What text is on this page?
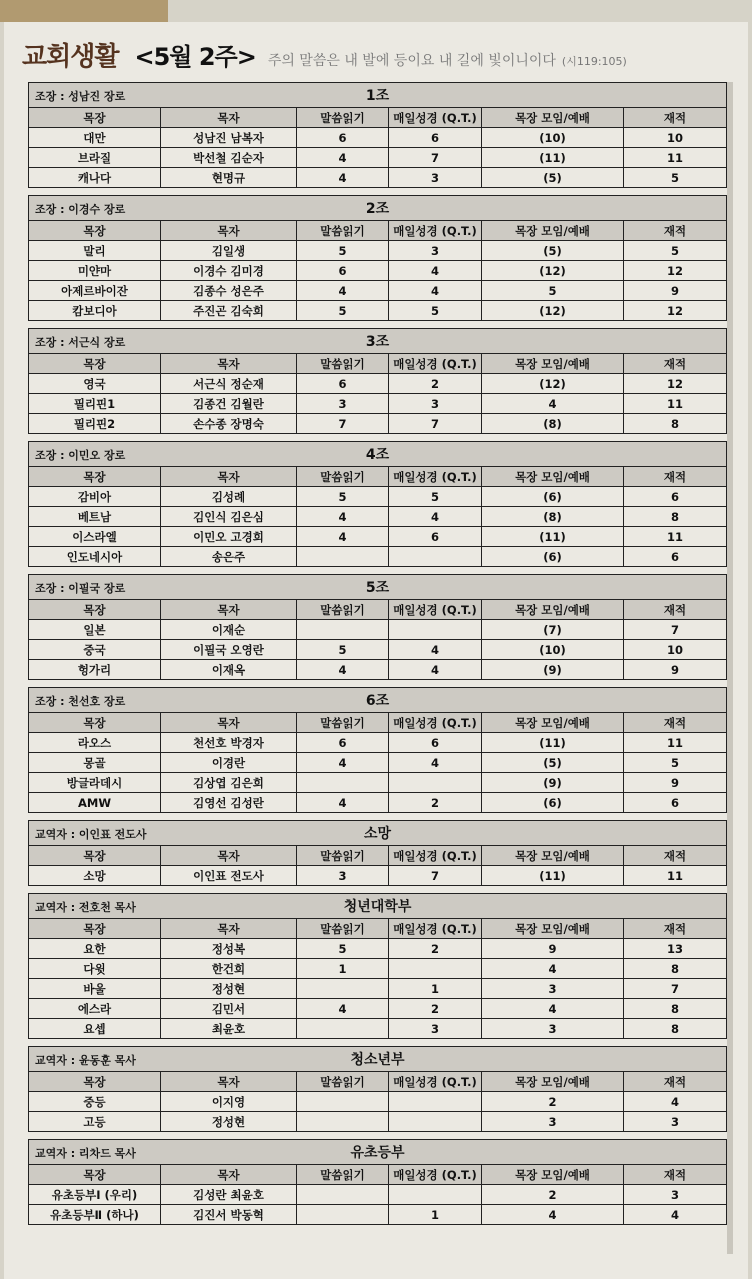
교회생활 <5월 2주> 주의 말씀은 내 발에 등이요 내 길에 빛이니이다 (시119:105)
조장 : 성남진 장로 1조					

목장	목자	말씀읽기	매일성경 (Q.T.)	목장 모임/예배	재적
대만	성남진 남복자	6	6	(10)	10
브라질	박선철 김순자	4	7	(11)	11
캐나다	현명규	4	3	(5)	5
조장 : 이경수 장로 2조					

목장	목자	말씀읽기	매일성경 (Q.T.)	목장 모임/예배	재적
말리	김일생	5	3	(5)	5
미얀마	이경수 김미경	6	4	(12)	12
아제르바이잔	김종수 성은주	4	4	5	9
캄보디아	주진곤 김숙희	5	5	(12)	12
조장 : 서근식 장로 3조					

목장	목자	말씀읽기	매일성경 (Q.T.)	목장 모임/예배	재적
영국	서근식 정순재	6	2	(12)	12
필리핀1	김종건 김월란	3	3	4	11
필리핀2	손수종 장명숙	7	7	(8)	8
조장 : 이민오 장로 4조					

목장	목자	말씀읽기	매일성경 (Q.T.)	목장 모임/예배	재적
감비아	김성례	5	5	(6)	6
베트남	김인식 김은심	4	4	(8)	8
이스라엘	이민오 고경희	4	6	(11)	11
인도네시아	송은주			(6)	6
조장 : 이필국 장로 5조					

목장	목자	말씀읽기	매일성경 (Q.T.)	목장 모임/예배	재적
일본	이재순			(7)	7
중국	이필국 오영란	5	4	(10)	10
헝가리	이재옥	4	4	(9)	9
조장 : 천선호 장로 6조					

목장	목자	말씀읽기	매일성경 (Q.T.)	목장 모임/예배	재적
라오스	천선호 박경자	6	6	(11)	11
몽골	이경란	4	4	(5)	5
방글라데시	김상엽 김은희			(9)	9
AMW	김영선 김성란	4	2	(6)	6
교역자 : 이인표 전도사 소망					

목장	목자	말씀읽기	매일성경 (Q.T.)	목장 모임/예배	재적
소망	이인표 전도사	3	7	(11)	11
교역자 : 전호천 목사 청년대학부					

목장	목자	말씀읽기	매일성경 (Q.T.)	목장 모임/예배	재적
요한	정성복	5	2	9	13
다윗	한건희	1		4	8
바울	정성현		1	3	7
에스라	김민서	4	2	4	8
요셉	최윤호		3	3	8
교역자 : 윤동훈 목사 청소년부					

목장	목자	말씀읽기	매일성경 (Q.T.)	목장 모임/예배	재적
중등	이지영			2	4
고등	정성현			3	3
교역자 : 리차드 목사 유초등부					

목장	목자	말씀읽기	매일성경 (Q.T.)	목장 모임/예배	재적
유초등부Ⅰ (우리)	김성란 최윤호			2	3
유초등부Ⅱ (하나)	김진서 박동혁		1	4	4
